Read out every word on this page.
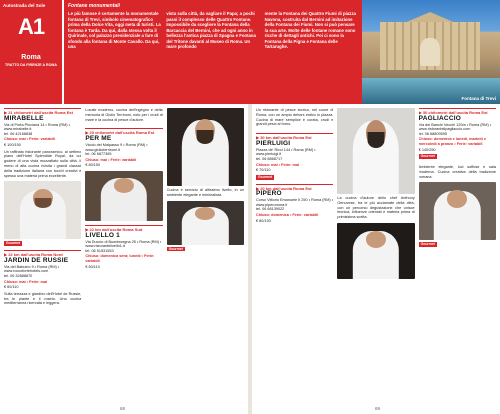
▶ 21 chilometri dall'uscita Roma Est
MIRABELLE
Via di Porta Pinciana 14 • Roma (RM) • www.mirabelle.it
tel. 06 42168838
Chiuso: mai • Ferie: variabili
€ 100/150
Un raffinato ristorante panoramico, al settimo piano dell'Hotel Splendide Royal, da cui godere di una vista mozzafiato sulla città. Il menu di alta cucina rivisita i grandi classici della tradizione italiana con tocchi creativi e spesso una materia prima eccellente.
Gourmet
▶ 22 km dall'uscita Roma Nord
JARDIN DE RUSSIE
Via del Babuino 9 • Roma (RM) • www.roccofortehotels.com
tel. 06 32888870
Chiuso: mai • Ferie: mai
€ 60/110
Sulla terrazza e giardino dell'Hotel de Russie, tra le piante e il roseto. Una cucina mediterranea ricercata e leggera.
Locale moderno, cucina dell'ingegno e della memoria di Giulio Terrinoni, noto per i crudi di mare e la cucina di pesce d'autore.
▶ 20 chilometri dall'uscita Roma Est
PER ME
Vicolo del Malpasso 9 • Roma (RM) • www.giulioterrinoni.it
tel. 06 6877365
Chiuso: mai • Ferie: variabili
€ 80/150
▶ 22 km dall'uscita Roma Sud
LIVELLO 1
Via Duccio di Buoninsegna 25 • Roma (RM) • www.ristorantelivello1.it
tel. 06 51531553
Chiuso: domenica sera; lunedì • Ferie: variabili
€ 50/110
Cucina e servizio di altissimo livello, in un ambiente elegante e minimalista.
Gourmet
68
Un ristorante di pesce storico, nel cuore di Roma, con un ampio dehors estivo in piazza. Cucina di mare semplice e curata, crudi e grandi pesci al forno.
▶ 30 km dall'uscita Roma Est
PIERLUIGI
Piazza de' Ricci 144 • Roma (RM) • www.pierluigi.it
tel. 06 6868717
Chiuso: mai • Ferie: mai
€ 70/110
Gourmet
▶ 20 km dall'uscita Roma Est
PIPERO
Corso Vittorio Emanuele II 250 • Roma (RM) • www.piperoroma.it
tel. 06 68139022
Chiuso: domenica • Ferie: variabili
€ 80/130
La cucina d'autore dello chef Anthony Genovese, tra le più acclamate della città, con un percorso degustazione che unisce tecnica, influenze orientali e materia prima di primissima scelta.
▶ 30 chilometri dall'uscita Roma Est
PAGLIACCIO
Via dei Banchi Vecchi 129/a • Roma (RM) • www.ristoranteilpagliaccio.com
tel. 06 68809595
Chiuso: domenica e lunedì, martedì e mercoledì a pranzo • Ferie: variabili
€ 140/250
Gourmet
Ambiente elegante, luci soffuse e sala moderna. Cucina creativa della tradizione romana.
Gourmet
69
Autostrada del Sole
A1
Roma
TRATTO DA FIRENZE A ROMA
Fontane monumentali
Le più famose è certamente la monumentale fontana di Trevi, simbolo cinematografico prima della Dolce Vita, oggi meta di turisti. La fontana è Tarda. Da qui, dalla stessa volta il Quirinale, col palazzo presidenziale a fare di sfondo alla fontana di Monte Cavallo. Da qui, una
vista sulla città, da vagliare il Papa; a pochi passi il complesso delle Quattro Fontane. Impossibile da scegliere la Fontana della Barcaccia del Bernini, che ad ogni anno in bellezza l'antica piazza di Spagna e Fontana del Tritone davanti al Museo di Roma. Un mare profondo
mente la Fontana dei Quattro Fiumi di piazza Navona, costruita dal Bernini ad imitazione della Fontana dei Fiumi. Non si può pensare la sua arte. Molte delle fontane romane sono ricche di dettagli antichi. Poi ci sono la Fontana della Pigna e Fontana delle Tartarughe.
Fontana di Trevi
